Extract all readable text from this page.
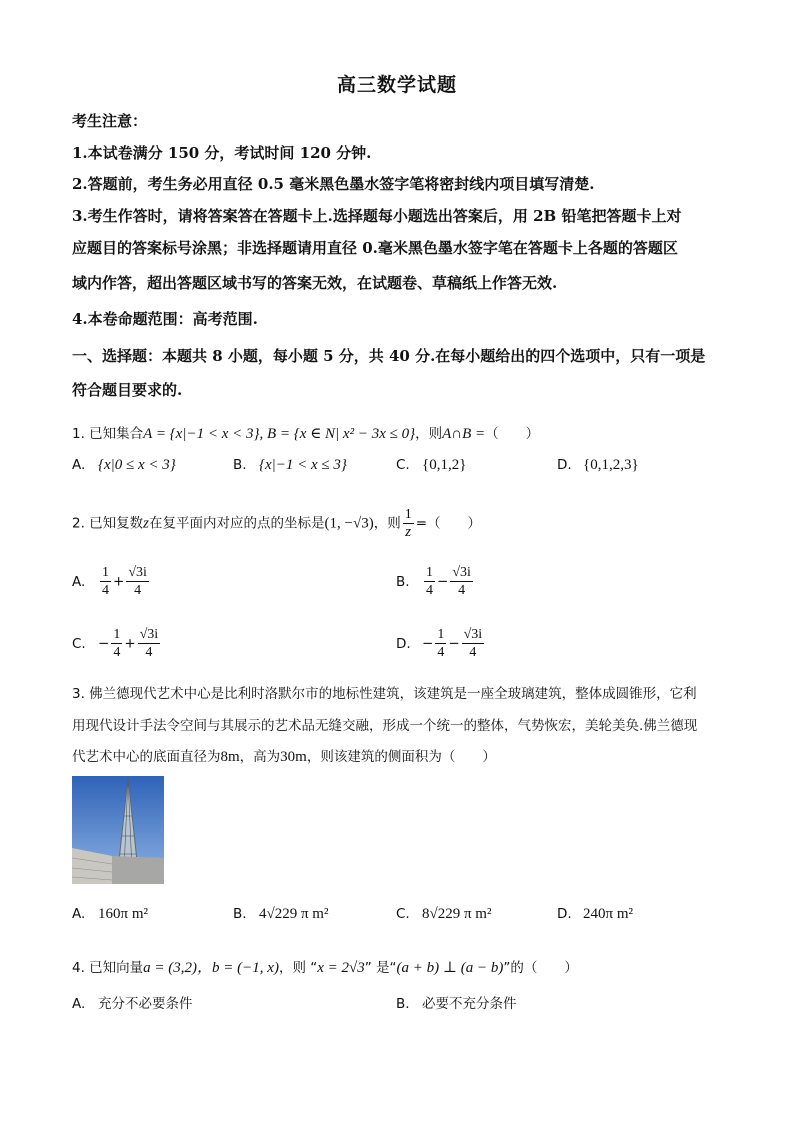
高三数学试题
考生注意：
1.本试卷满分 150 分，考试时间 120 分钟.
2.答题前，考生务必用直径 0.5 毫米黑色墨水签字笔将密封线内项目填写清楚.
3.考生作答时，请将答案答在答题卡上.选择题每小题选出答案后，用 2B 铅笔把答题卡上对
应题目的答案标号涂黑；非选择题请用直径 0.毫米黑色墨水签字笔在答题卡上各题的答题区
域内作答，超出答题区域书写的答案无效，在试题卷、草稿纸上作答无效.
4.本卷命题范围：高考范围.
一、选择题：本题共 8 小题，每小题 5 分，共 40 分.在每小题给出的四个选项中，只有一项是
符合题目要求的.
1. 已知集合A = {x|−1 < x < 3}, B = {x ∈ N| x² − 3x ≤ 0}，则A∩B =（　　）
A. {x|0 ≤ x < 3}	B. {x|−1 < x ≤ 3}	C. {0,1,2}	D. {0,1,2,3}
2. 已知复数z在复平面内对应的点的坐标是(1, −√3)，则 $\frac{1}{z}$ =（　　）
A. $\frac{1}{4} + \frac{√3i}{4}$	B. $\frac{1}{4} - \frac{√3i}{4}$
C. − $\frac{1}{4} + \frac{√3i}{4}$	D. − $\frac{1}{4} - \frac{√3i}{4}$
3. 佛兰德现代艺术中心是比利时洛默尔市的地标性建筑，该建筑是一座全玻璃建筑，整体成圆锥形，它利
用现代设计手法令空间与其展示的艺术品无缝交融，形成一个统一的整体，气势恢宏，美轮美奂.佛兰德现
代艺术中心的底面直径为8m，高为30m，则该建筑的侧面积为（　　）
A. 160π m²	B. 4√229 π m²	C. 8√229 π m²	D. 240π m²
4. 已知向量a = (3,2)，b = (−1, x)，则 “x = 2√3” 是“(a + b) ⊥ (a − b)”的（　　）
A. 充分不必要条件	B. 必要不充分条件
